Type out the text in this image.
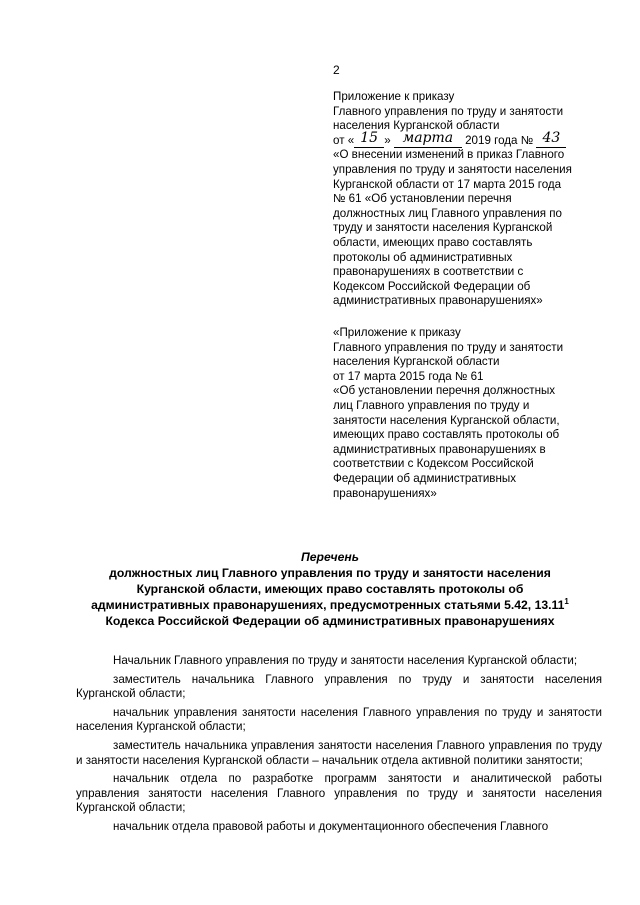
2
Приложение к приказу
Главного управления по труду и занятости
населения Курганской области
от « 15 » марта 2019 года № 43
«О внесении изменений в приказ Главного
управления по труду и занятости населения
Курганской области от 17 марта 2015 года
№ 61 «Об установлении перечня
должностных лиц Главного управления по
труду и занятости населения Курганской
области, имеющих право составлять
протоколы об административных
правонарушениях в соответствии с
Кодексом Российской Федерации об
административных правонарушениях»
«Приложение к приказу
Главного управления по труду и занятости
населения Курганской области
от 17 марта 2015 года № 61
«Об установлении перечня должностных
лиц Главного управления по труду и
занятости населения Курганской области,
имеющих право составлять протоколы об
административных правонарушениях в
соответствии с Кодексом Российской
Федерации об административных
правонарушениях»
Перечень
должностных лиц Главного управления по труду и занятости населения
Курганской области, имеющих право составлять протоколы об
административных правонарушениях, предусмотренных статьями 5.42, 13.11$^1$
Кодекса Российской Федерации об административных правонарушениях
Начальник Главного управления по труду и занятости населения Курганской области;
заместитель начальника Главного управления по труду и занятости населения Курганской области;
начальник управления занятости населения Главного управления по труду и занятости населения Курганской области;
заместитель начальника управления занятости населения Главного управления по труду и занятости населения Курганской области – начальник отдела активной политики занятости;
начальник отдела по разработке программ занятости и аналитической работы управления занятости населения Главного управления по труду и занятости населения Курганской области;
начальник отдела правовой работы и документационного обеспечения Главного
